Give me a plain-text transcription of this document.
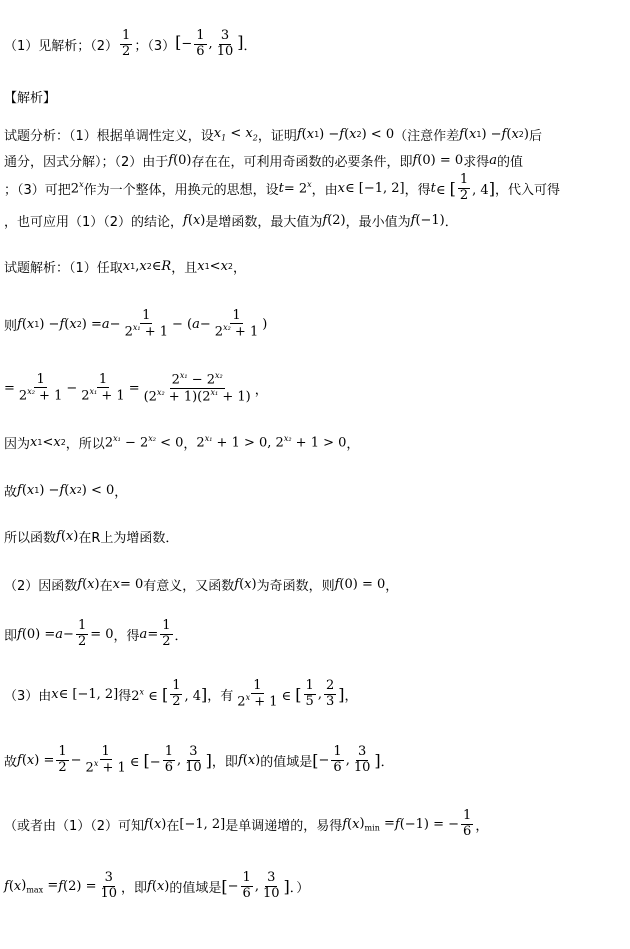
（1）见解析；$(2) \frac{1}{2}$ ；（3） [− $\frac{1}{6}$ , $\frac{3}{10}$ ] ．
【解析】
试题分析：（1）根据单调性定义，设 $x_1 < x_2$ ，证明 f ( x 1 ) − f ( x 2 ) < 0 （注意作差 f ( x 1 ) − f ( x 2 ) 后
通分，因式分解）；（2）由于 f (0) 存在在，可利用奇函数的必要条件，即 f (0) = 0 求得 a 的值
；（3）可把 2$^x$ 作为一个整体，用换元的思想，设 $t = 2^x$ ，由 x ∈ [−1, 2] ，得 t ∈ [ $\frac{1}{2}$ , 4] ，代入可得
，也可应用（1）（2）的结论， f ( x ) 是增函数，最大值为 f (2) ，最小值为 f (−1) ．
试题解析：（1）任取 x 1 , x 2 ∈ R ，且 x 1 < x 2 ，
则 f ( x 1 ) − f ( x 2 ) = $a - \frac{1}{2^{x_1} + 1}$ − ( $a - \frac{1}{2^{x_2} + 1}$ )
= $\frac{1}{2^{x_2} + 1} - \frac{1}{2^{x_1} + 1} = \frac{2^{x_1} - 2^{x_2}}{(2^{x_2} + 1)(2^{x_1} + 1)}$ ，
因为 x 1 < x 2 ，所以 $2^{x_1} - 2^{x_2} < 0$ ， $2^{x_1} + 1 > 0$, $2^{x_2} + 1 > 0$ ，
故 f ( x 1 ) − f ( x 2 ) < 0 ，
所以函数 f ( x ) 在R上为增函数．
（2）因函数 f ( x ) 在 x = 0 有意义，又函数 f ( x ) 为奇函数，则 f (0) = 0 ，
即 f $(0) = a - \frac{1}{2} = 0$ ，得 $a = \frac{1}{2}$ ．
（3）由 x ∈ [−1, 2] 得 2$^x$ ∈ [ $\frac{1}{2}$ , 4] ，有 $\frac{1}{2^x + 1}$ ∈ [ $\frac{1}{5}$ , $\frac{2}{3}$ ] ，
故 f ( x ) = $\frac{1}{2} - \frac{1}{2^x + 1}$ ∈ [− $\frac{1}{6}$ , $\frac{3}{10}$ ] ，即 f ( x ) 的值域是 [ − $\frac{1}{6}$ , $\frac{3}{10}$ ] ．
（或者由（1）（2）可知 f ( x ) 在 [−1, 2] 是单调递增的，易得 f ( x )$_{min} = f$ (−1) = − $\frac{1}{6}$ ，
f ( x )$_{max} = f$ $(2) = \frac{3}{10}$ ，即 f ( x ) 的值域是 [ − $\frac{1}{6}$ , $\frac{3}{10}$ ] ．）
